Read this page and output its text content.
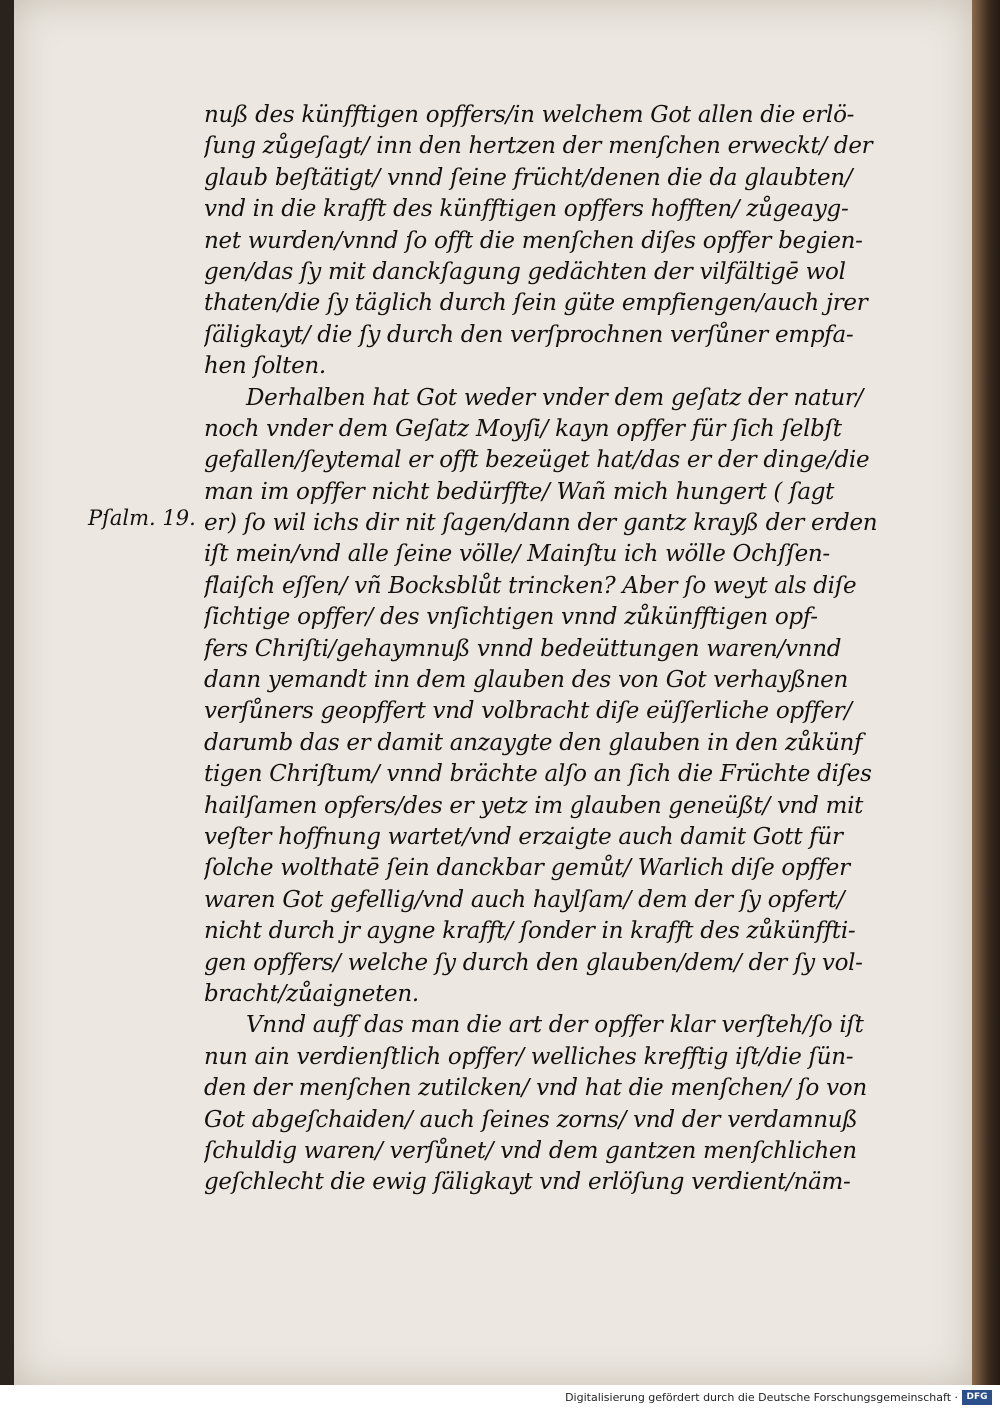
Pſalm. 19.
nuß des künfftigen opffers/in welchem Got allen die erlö-
ſung zůgeſagt/ inn den hertzen der menſchen erweckt/ der
glaub beſtätigt/ vnnd ſeine frücht/denen die da glaubten/
vnd in die krafft des künfftigen opffers hofften/ zůgeayg-
net wurden/vnnd ſo offt die menſchen diſes opffer begien-
gen/das ſy mit danckſagung gedächten der vilfältigē wol
thaten/die ſy täglich durch ſein güte empfiengen/auch jrer
ſäligkayt/ die ſy durch den verſprochnen verſůner empfa-
hen ſolten.
Derhalben hat Got weder vnder dem geſatz der natur/
noch vnder dem Geſatz Moyſi/ kayn opffer für ſich ſelbſt
gefallen/ſeytemal er offt bezeüget hat/das er der dinge/die
man im opffer nicht bedürffte/ Wañ mich hungert ( ſagt
er) ſo wil ichs dir nit ſagen/dann der gantz krayß der erden
iſt mein/vnd alle ſeine völle/ Mainſtu ich wölle Ochſſen-
flaiſch eſſen/ vñ Bocksblůt trincken? Aber ſo weyt als diſe
ſichtige opffer/ des vnſichtigen vnnd zůkünfftigen opf-
fers Chriſti/gehaymnuß vnnd bedeüttungen waren/vnnd
dann yemandt inn dem glauben des von Got verhayßnen
verſůners geopffert vnd volbracht diſe eüſſerliche opffer/
darumb das er damit anzaygte den glauben in den zůkünf
tigen Chriſtum/ vnnd brächte alſo an ſich die Früchte diſes
hailſamen opfers/des er yetz im glauben geneüßt/ vnd mit
veſter hoffnung wartet/vnd erzaigte auch damit Gott für
ſolche wolthatē ſein danckbar gemůt/ Warlich diſe opffer
waren Got gefellig/vnd auch haylſam/ dem der ſy opfert/
nicht durch jr aygne krafft/ ſonder in krafft des zůkünffti-
gen opffers/ welche ſy durch den glauben/dem/ der ſy vol-
bracht/zůaigneten.
Vnnd auff das man die art der opffer klar verſteh/ſo iſt
nun ain verdienſtlich opffer/ welliches krefftig iſt/die ſün-
den der menſchen zutilcken/ vnd hat die menſchen/ ſo von
Got abgeſchaiden/ auch ſeines zorns/ vnd der verdamnuß
ſchuldig waren/ verſůnet/ vnd dem gantzen menſchlichen
geſchlecht die ewig ſäligkayt vnd erlöſung verdient/näm-
Digitalisierung gefördert durch die Deutsche Forschungsgemeinschaft · DFG
